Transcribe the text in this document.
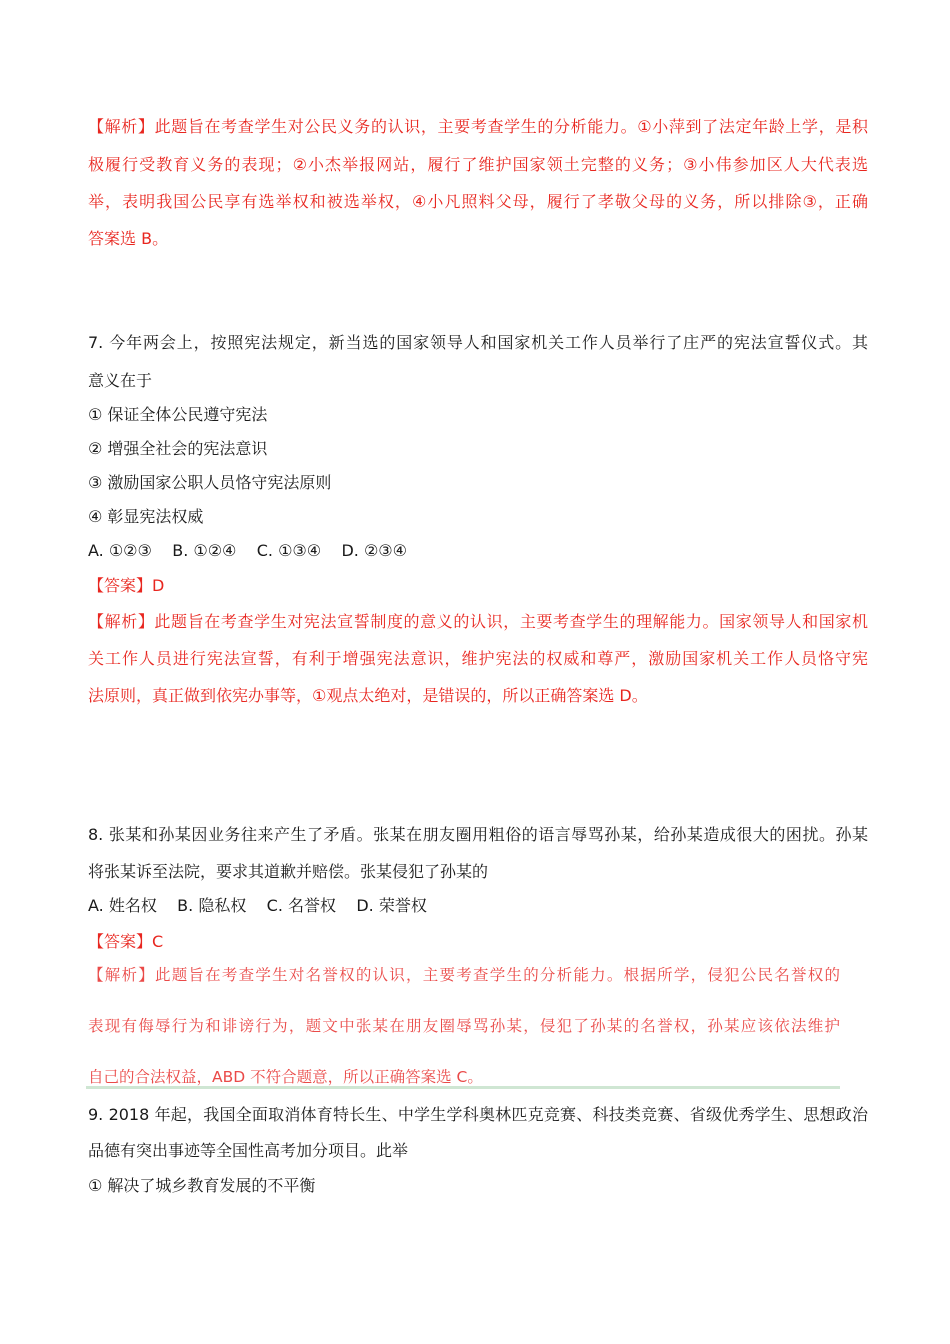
【解析】此题旨在考查学生对公民义务的认识，主要考查学生的分析能力。①小萍到了法定年龄上学，是积
极履行受教育义务的表现；②小杰举报网站，履行了维护国家领土完整的义务；③小伟参加区人大代表选
举，表明我国公民享有选举权和被选举权，④小凡照料父母，履行了孝敬父母的义务，所以排除③，正确
答案选 B。
7. 今年两会上，按照宪法规定，新当选的国家领导人和国家机关工作人员举行了庄严的宪法宣誓仪式。其
意义在于
① 保证全体公民遵守宪法
② 增强全社会的宪法意识
③ 激励国家公职人员恪守宪法原则
④ 彰显宪法权威
A. ①②③    B. ①②④    C. ①③④    D. ②③④
【答案】D
【解析】此题旨在考查学生对宪法宣誓制度的意义的认识，主要考查学生的理解能力。国家领导人和国家机
关工作人员进行宪法宣誓，有利于增强宪法意识，维护宪法的权威和尊严，激励国家机关工作人员恪守宪
法原则，真正做到依宪办事等，①观点太绝对，是错误的，所以正确答案选 D。
8. 张某和孙某因业务往来产生了矛盾。张某在朋友圈用粗俗的语言辱骂孙某，给孙某造成很大的困扰。孙某
将张某诉至法院，要求其道歉并赔偿。张某侵犯了孙某的
A. 姓名权    B. 隐私权    C. 名誉权    D. 荣誉权
【答案】C
【解析】此题旨在考查学生对名誉权的认识，主要考查学生的分析能力。根据所学，侵犯公民名誉权的
表现有侮辱行为和诽谤行为，题文中张某在朋友圈辱骂孙某，侵犯了孙某的名誉权，孙某应该依法维护
自己的合法权益，ABD 不符合题意，所以正确答案选 C。
9. 2018 年起，我国全面取消体育特长生、中学生学科奥林匹克竞赛、科技类竞赛、省级优秀学生、思想政治
品德有突出事迹等全国性高考加分项目。此举
① 解决了城乡教育发展的不平衡
